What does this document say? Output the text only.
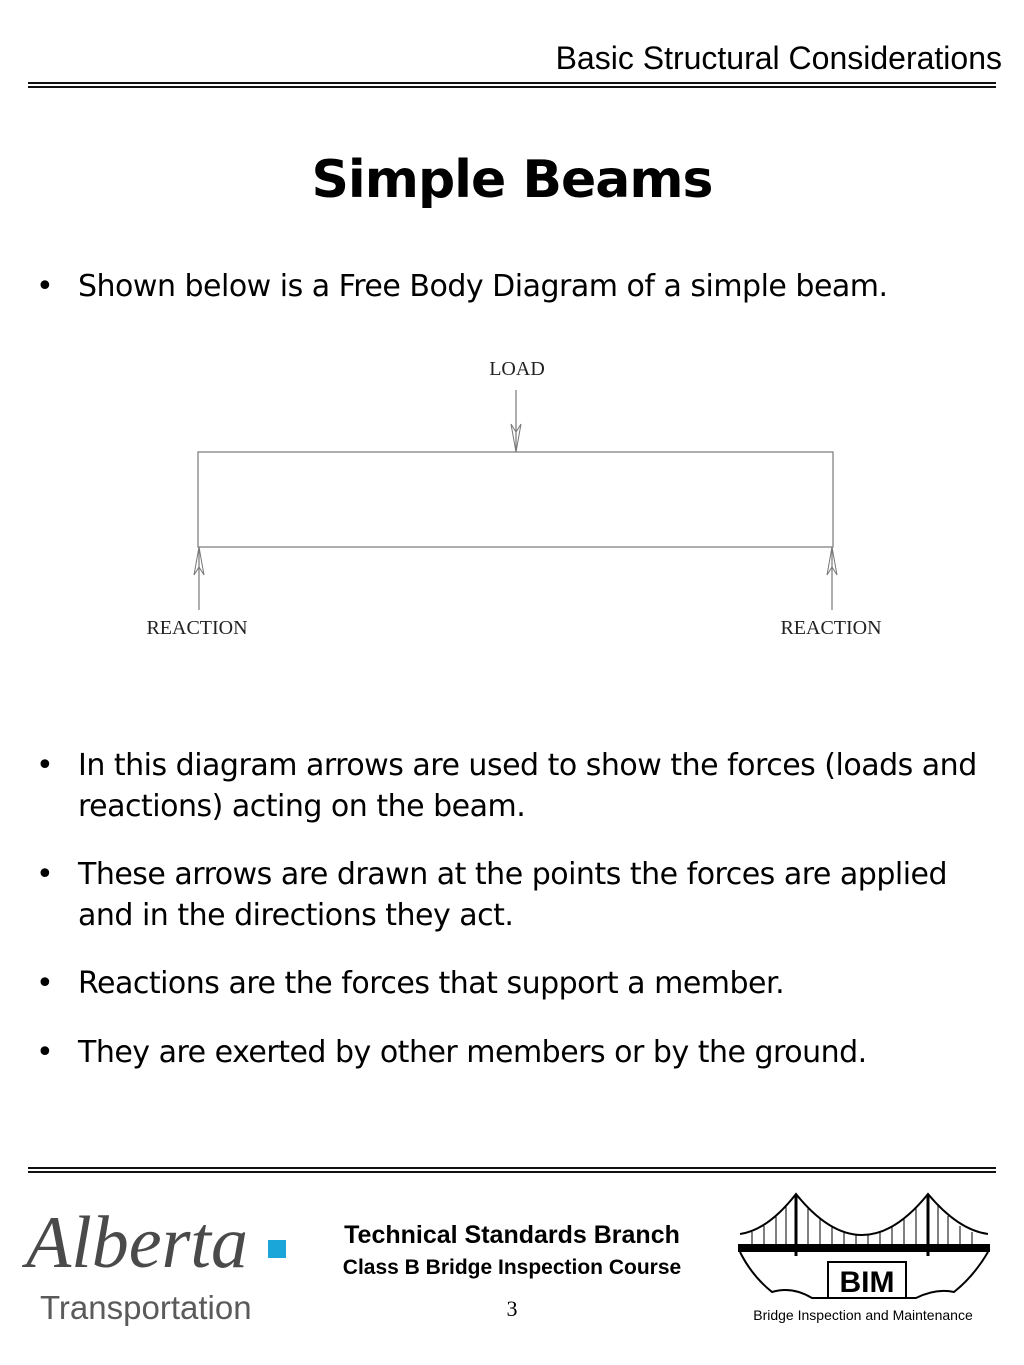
Basic Structural Considerations
Simple Beams
• Shown below is a Free Body Diagram of a simple beam.
LOAD
REACTION	REACTION
• In this diagram arrows are used to show the forces (loads and reactions) acting on the beam.
• These arrows are drawn at the points the forces are applied and in the directions they act.
• Reactions are the forces that support a member.
• They are exerted by other members or by the ground.
Alberta
Transportation
Technical Standards Branch
Class B Bridge Inspection Course
3
BIM
Bridge Inspection and Maintenance
